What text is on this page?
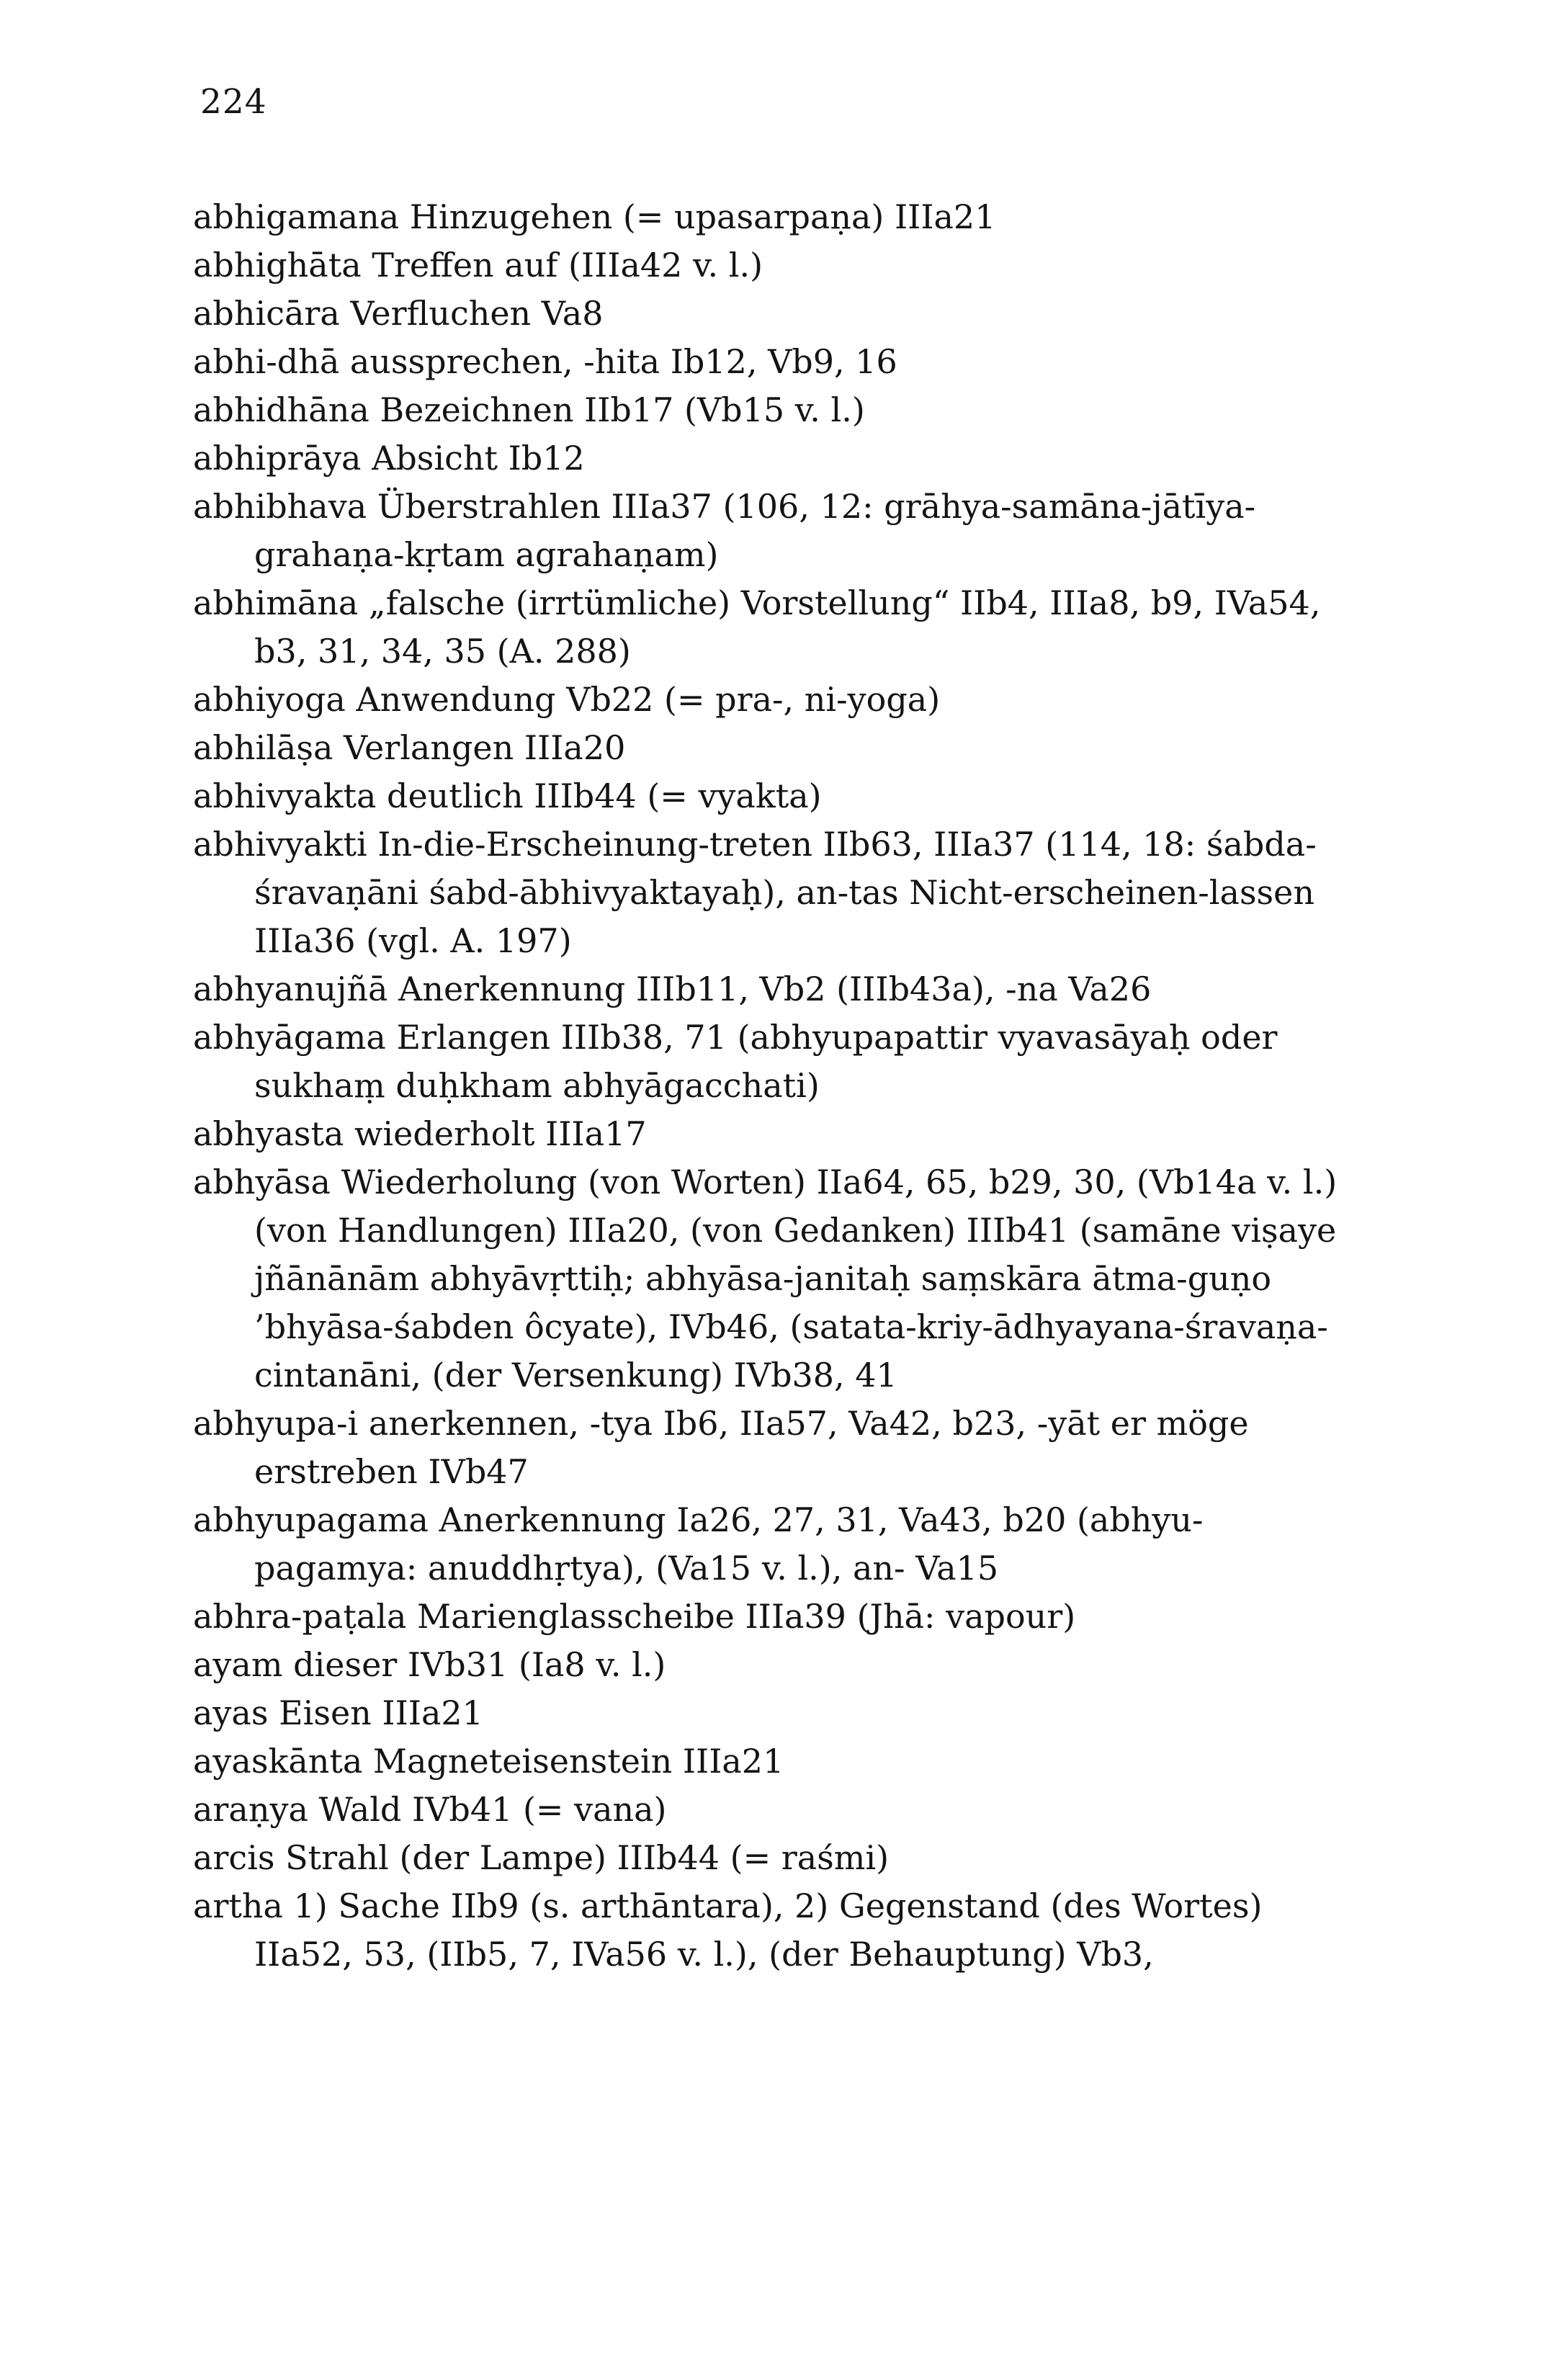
224
abhigamana Hinzugehen (= upasarpaṇa) IIIa21
abhighāta Treffen auf (IIIa42 v. l.)
abhicāra Verfluchen Va8
abhi-dhā aussprechen, -hita Ib12, Vb9, 16
abhidhāna Bezeichnen IIb17 (Vb15 v. l.)
abhiprāya Absicht Ib12
abhibhava Überstrahlen IIIa37 (106, 12: grāhya-samāna-jātīya-grahaṇa-kṛtam agrahaṇam)
abhimāna „falsche (irrtümliche) Vorstellung“ IIb4, IIIa8, b9, IVa54, b3, 31, 34, 35 (A. 288)
abhiyoga Anwendung Vb22 (= pra-, ni-yoga)
abhilāṣa Verlangen IIIa20
abhivyakta deutlich IIIb44 (= vyakta)
abhivyakti In-die-Erscheinung-treten IIb63, IIIa37 (114, 18: śabda-śravaṇāni śabd-ābhivyaktayaḥ), an-tas Nicht-erscheinen-lassen IIIa36 (vgl. A. 197)
abhyanujñā Anerkennung IIIb11, Vb2 (IIIb43a), -na Va26
abhyāgama Erlangen IIIb38, 71 (abhyupapattir vyavasāyaḥ oder sukhaṃ duḥkham abhyāgacchati)
abhyasta wiederholt IIIa17
abhyāsa Wiederholung (von Worten) IIa64, 65, b29, 30, (Vb14a v. l.) (von Handlungen) IIIa20, (von Gedanken) IIIb41 (samāne viṣaye jñānānām abhyāvṛttiḥ; abhyāsa-janitaḥ saṃskāra ātma-guṇo ’bhyāsa-śabden ôcyate), IVb46, (satata-kriy-ādhyayana-śravaṇa-cintanāni, (der Versenkung) IVb38, 41
abhyupa-i anerkennen, -tya Ib6, IIa57, Va42, b23, -yāt er möge erstreben IVb47
abhyupagama Anerkennung Ia26, 27, 31, Va43, b20 (abhyu-pagamya: anuddhṛtya), (Va15 v. l.), an- Va15
abhra-paṭala Marienglasscheibe IIIa39 (Jhā: vapour)
ayam dieser IVb31 (Ia8 v. l.)
ayas Eisen IIIa21
ayaskānta Magneteisenstein IIIa21
araṇya Wald IVb41 (= vana)
arcis Strahl (der Lampe) IIIb44 (= raśmi)
artha 1) Sache IIb9 (s. arthāntara), 2) Gegenstand (des Wortes) IIa52, 53, (IIb5, 7, IVa56 v. l.), (der Behauptung) Vb3,
